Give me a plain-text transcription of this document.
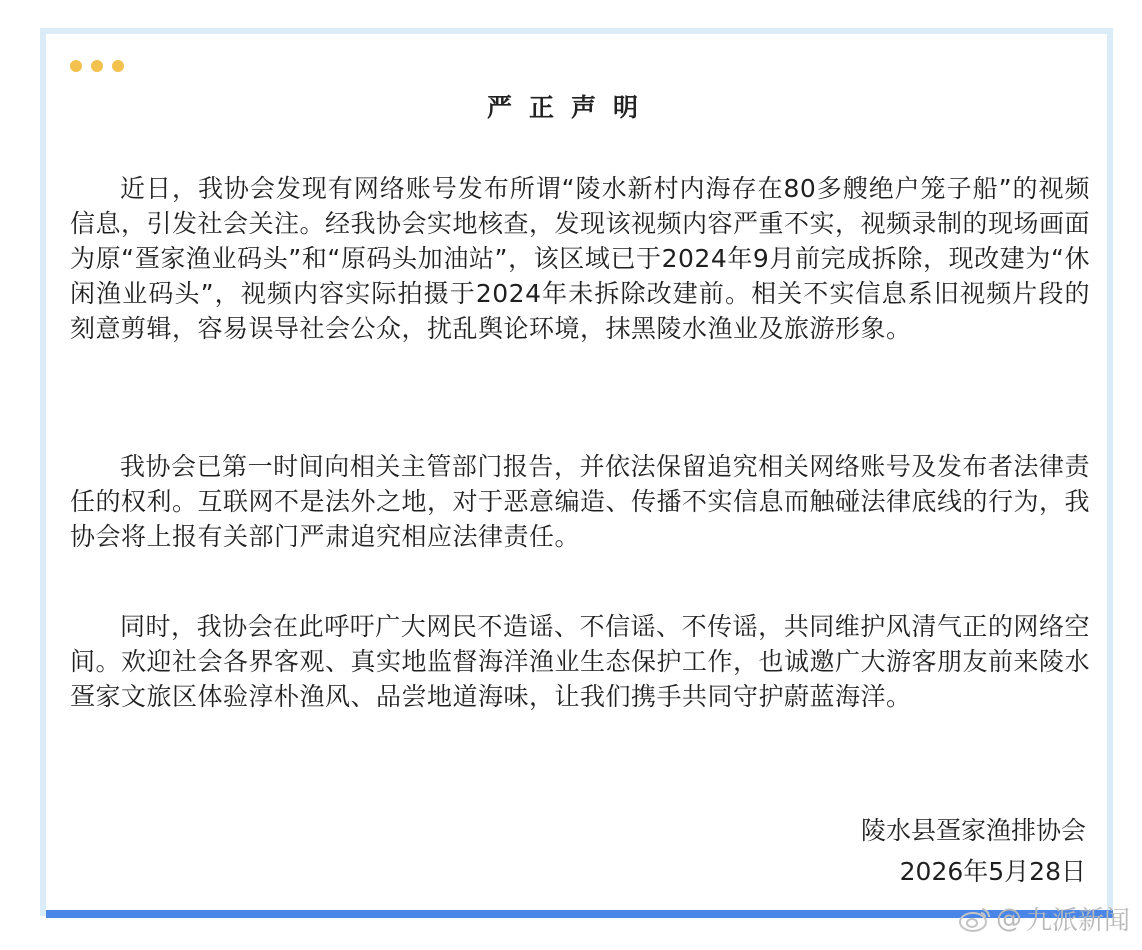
严正声明

近日，我协会发现有网络账号发布所谓“陵水新村内海存在80多艘绝户笼子船”的视频信息，引发社会关注。经我协会实地核查，发现该视频内容严重不实，视频录制的现场画面为原“疍家渔业码头”和“原码头加油站”，该区域已于2024年9月前完成拆除，现改建为“休闲渔业码头”，视频内容实际拍摄于2024年未拆除改建前。相关不实信息系旧视频片段的刻意剪辑，容易误导社会公众，扰乱舆论环境，抹黑陵水渔业及旅游形象。

我协会已第一时间向相关主管部门报告，并依法保留追究相关网络账号及发布者法律责任的权利。互联网不是法外之地，对于恶意编造、传播不实信息而触碰法律底线的行为，我协会将上报有关部门严肃追究相应法律责任。

同时，我协会在此呼吁广大网民不造谣、不信谣、不传谣，共同维护风清气正的网络空间。欢迎社会各界客观、真实地监督海洋渔业生态保护工作，也诚邀广大游客朋友前来陵水疍家文旅区体验淳朴渔风、品尝地道海味，让我们携手共同守护蔚蓝海洋。

陵水县疍家渔排协会
2026年5月28日
@ 九派新闻
